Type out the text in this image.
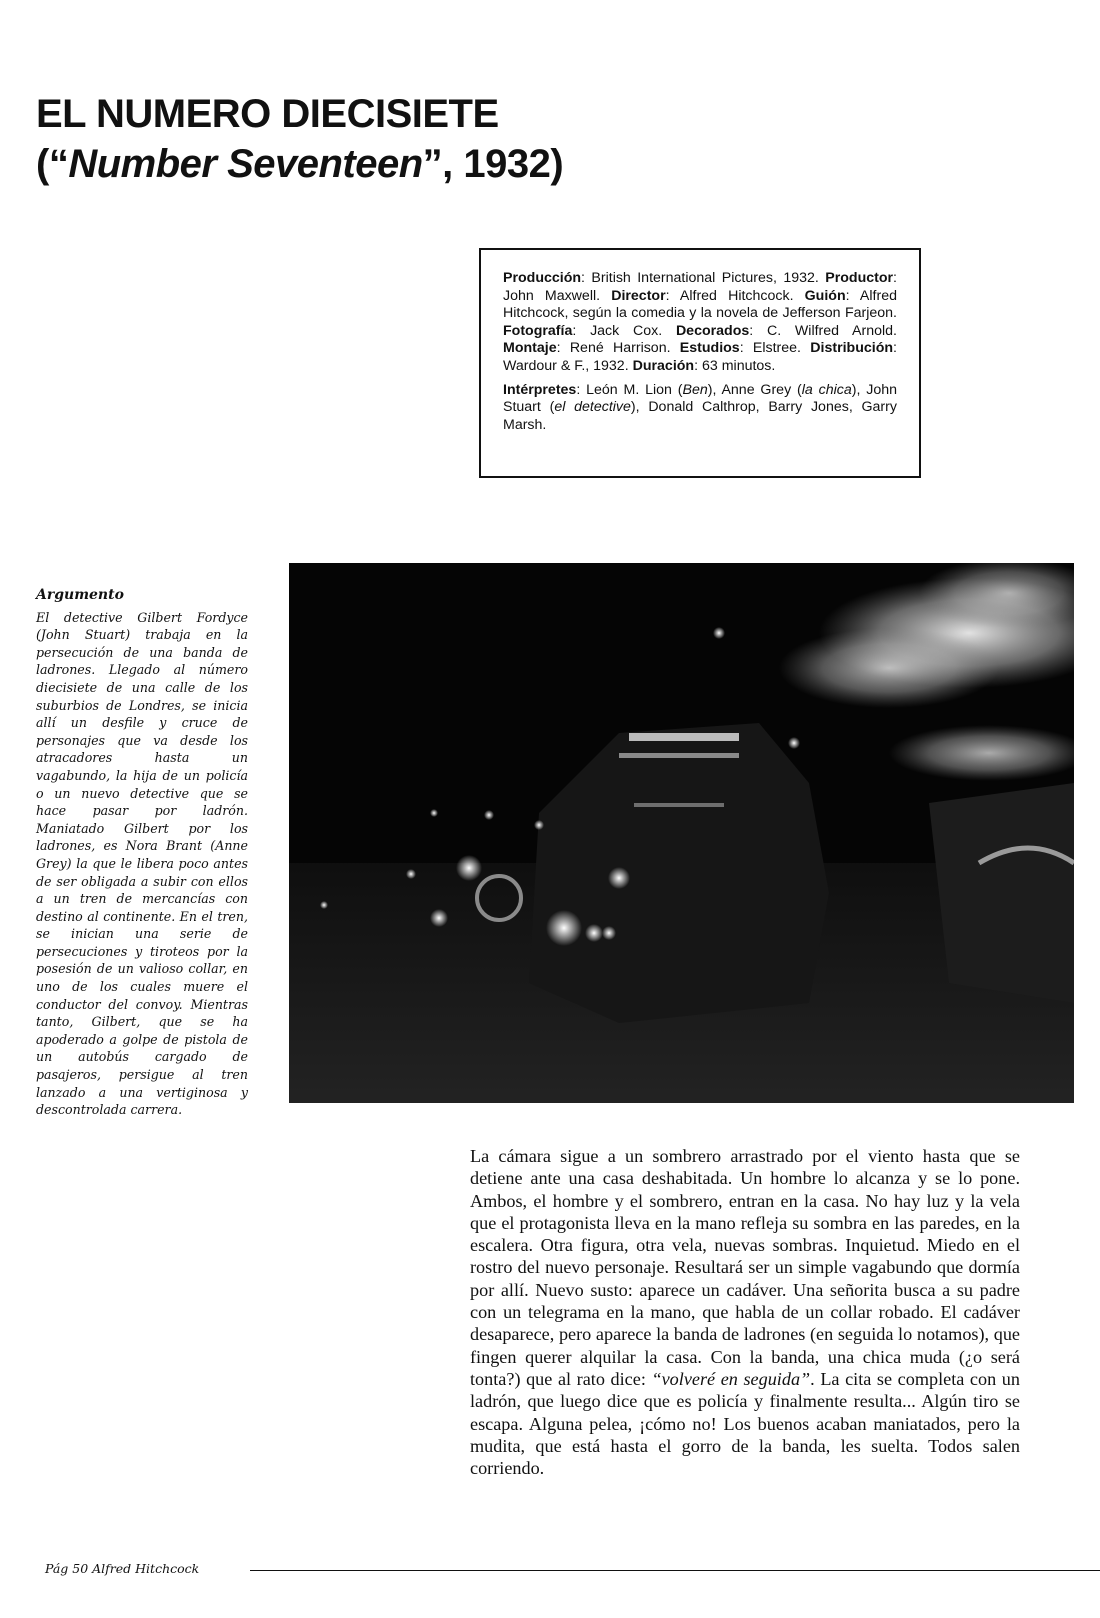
EL NUMERO DIECISIETE
(“Number Seventeen”, 1932)

Producción: British International Pictures, 1932. Productor: John Maxwell. Director: Alfred Hitchcock. Guión: Alfred Hitchcock, según la comedia y la novela de Jefferson Farjeon. Fotografía: Jack Cox. Decorados: C. Wilfred Arnold. Montaje: René Harrison. Estudios: Elstree. Distribución: Wardour & F., 1932. Duración: 63 minutos.

Intérpretes: León M. Lion (Ben), Anne Grey (la chica), John Stuart (el detective), Donald Calthrop, Barry Jones, Garry Marsh.

Argumento
El detective Gilbert Fordyce (John Stuart) trabaja en la persecución de una banda de ladrones. Llegado al número diecisiete de una calle de los suburbios de Londres, se inicia allí un desfile y cruce de personajes que va desde los atracadores hasta un vagabundo, la hija de un policía o un nuevo detective que se hace pasar por ladrón. Maniatado Gilbert por los ladrones, es Nora Brant (Anne Grey) la que le libera poco antes de ser obligada a subir con ellos a un tren de mercancías con destino al continente. En el tren, se inician una serie de persecuciones y tiroteos por la posesión de un valioso collar, en uno de los cuales muere el conductor del convoy. Mientras tanto, Gilbert, que se ha apoderado a golpe de pistola de un autobús cargado de pasajeros, persigue al tren lanzado a una vertiginosa y descontrolada carrera.
La cámara sigue a un sombrero arrastrado por el viento hasta que se detiene ante una casa deshabitada. Un hombre lo alcanza y se lo pone. Ambos, el hombre y el sombrero, entran en la casa. No hay luz y la vela que el protagonista lleva en la mano refleja su sombra en las paredes, en la escalera. Otra figura, otra vela, nuevas sombras. Inquietud. Miedo en el rostro del nuevo personaje. Resultará ser un simple vagabundo que dormía por allí. Nuevo susto: aparece un cadáver. Una señorita busca a su padre con un telegrama en la mano, que habla de un collar robado. El cadáver desaparece, pero aparece la banda de ladrones (en seguida lo notamos), que fingen querer alquilar la casa. Con la banda, una chica muda (¿o será tonta?) que al rato dice: “volveré en seguida”. La cita se completa con un ladrón, que luego dice que es policía y finalmente resulta... Algún tiro se escapa. Alguna pelea, ¡cómo no! Los buenos acaban maniatados, pero la mudita, que está hasta el gorro de la banda, les suelta. Todos salen corriendo.
Pág 50 Alfred Hitchcock
